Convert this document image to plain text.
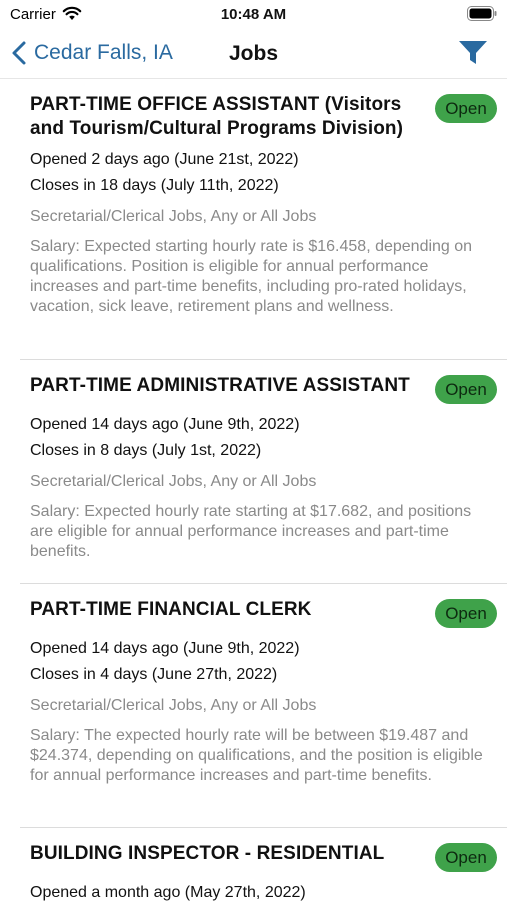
Carrier	10:48 AM
Cedar Falls, IA	Jobs
PART-TIME OFFICE ASSISTANT (Visitors and Tourism/Cultural Programs Division)
Open
Opened 2 days ago (June 21st, 2022)
Closes in 18 days (July 11th, 2022)
Secretarial/Clerical Jobs, Any or All Jobs
Salary: Expected starting hourly rate is $16.458, depending on qualifications. Position is eligible for annual performance increases and part-time benefits, including pro-rated holidays, vacation, sick leave, retirement plans and wellness.
PART-TIME ADMINISTRATIVE ASSISTANT	Open
Opened 14 days ago (June 9th, 2022)
Closes in 8 days (July 1st, 2022)
Secretarial/Clerical Jobs, Any or All Jobs
Salary: Expected hourly rate starting at $17.682, and positions are eligible for annual performance increases and part-time benefits.
PART-TIME FINANCIAL CLERK	Open
Opened 14 days ago (June 9th, 2022)
Closes in 4 days (June 27th, 2022)
Secretarial/Clerical Jobs, Any or All Jobs
Salary: The expected hourly rate will be between $19.487 and $24.374, depending on qualifications, and the position is eligible for annual performance increases and part-time benefits.
BUILDING INSPECTOR - RESIDENTIAL	Open
Opened a month ago (May 27th, 2022)
